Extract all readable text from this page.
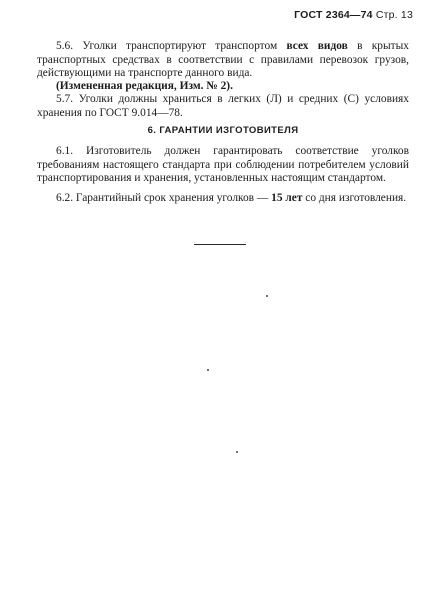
ГОСТ 2364—74 Стр. 13

5.6. Уголки транспортируют транспортом всех видов в крытых транспортных средствах в соответствии с правилами перевозок грузов, действующими на транспорте данного вида.

(Измененная редакция, Изм. № 2).

5.7. Уголки должны храниться в легких (Л) и средних (С) условиях хранения по ГОСТ 9.014—78.

6. ГАРАНТИИ ИЗГОТОВИТЕЛЯ

6.1. Изготовитель должен гарантировать соответствие уголков требованиям настоящего стандарта при соблюдении потребителем условий транспортирования и хранения, установленных настоящим стандартом.

6.2. Гарантийный срок хранения уголков — 15 лет со дня изготовления.
